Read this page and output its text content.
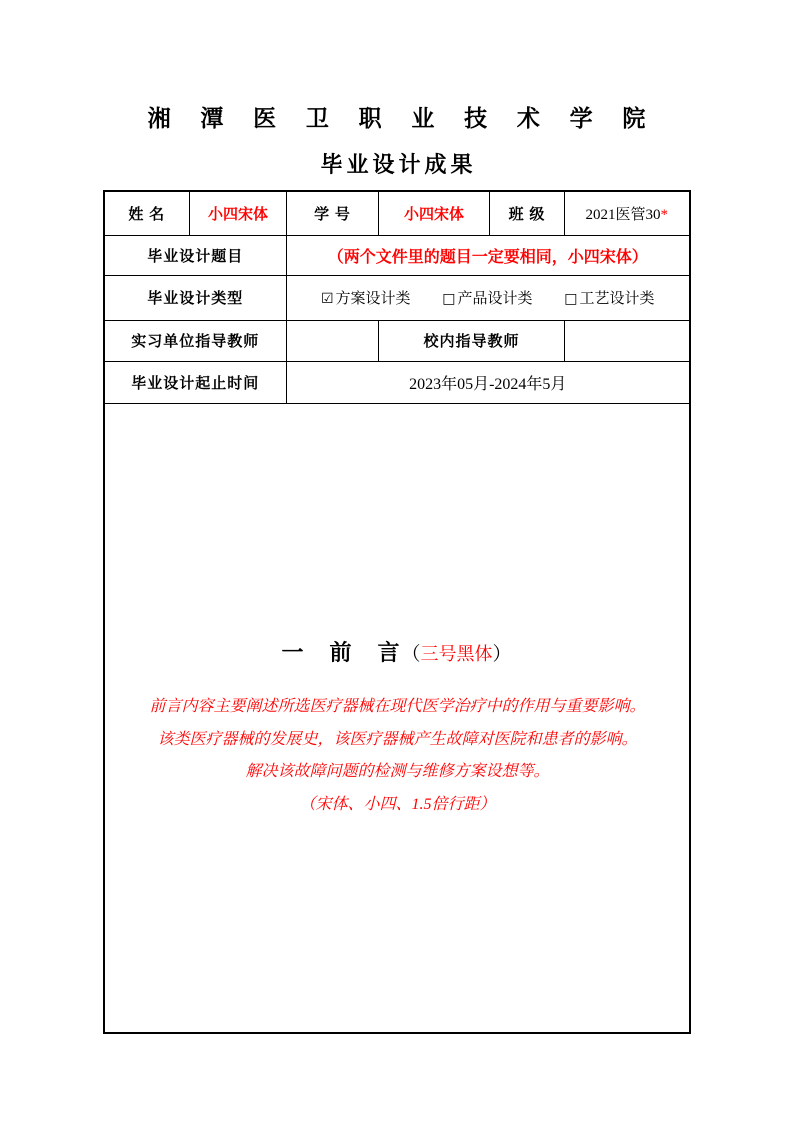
湘 潭 医 卫 职 业 技 术 学 院
毕业设计成果
姓 名	小四宋体	学 号	小四宋体	班 级	2021医管30*
毕业设计题目		（两个文件里的题目一定要相同，小四宋体）			
毕业设计类型		☑ 方案设计类 □ 产品设计类 □ 工艺设计类			
实习单位指导教师			校内指导教师		
毕业设计起止时间		2023年05月-2024年5月			

一　前　言（三号黑体）
前言内容主要阐述所选医疗器械在现代医学治疗中的作用与重要影响。
该类医疗器械的发展史，该医疗器械产生故障对医院和患者的影响。
解决该故障问题的检测与维修方案设想等。
（宋体、小四、1.5倍行距）					
